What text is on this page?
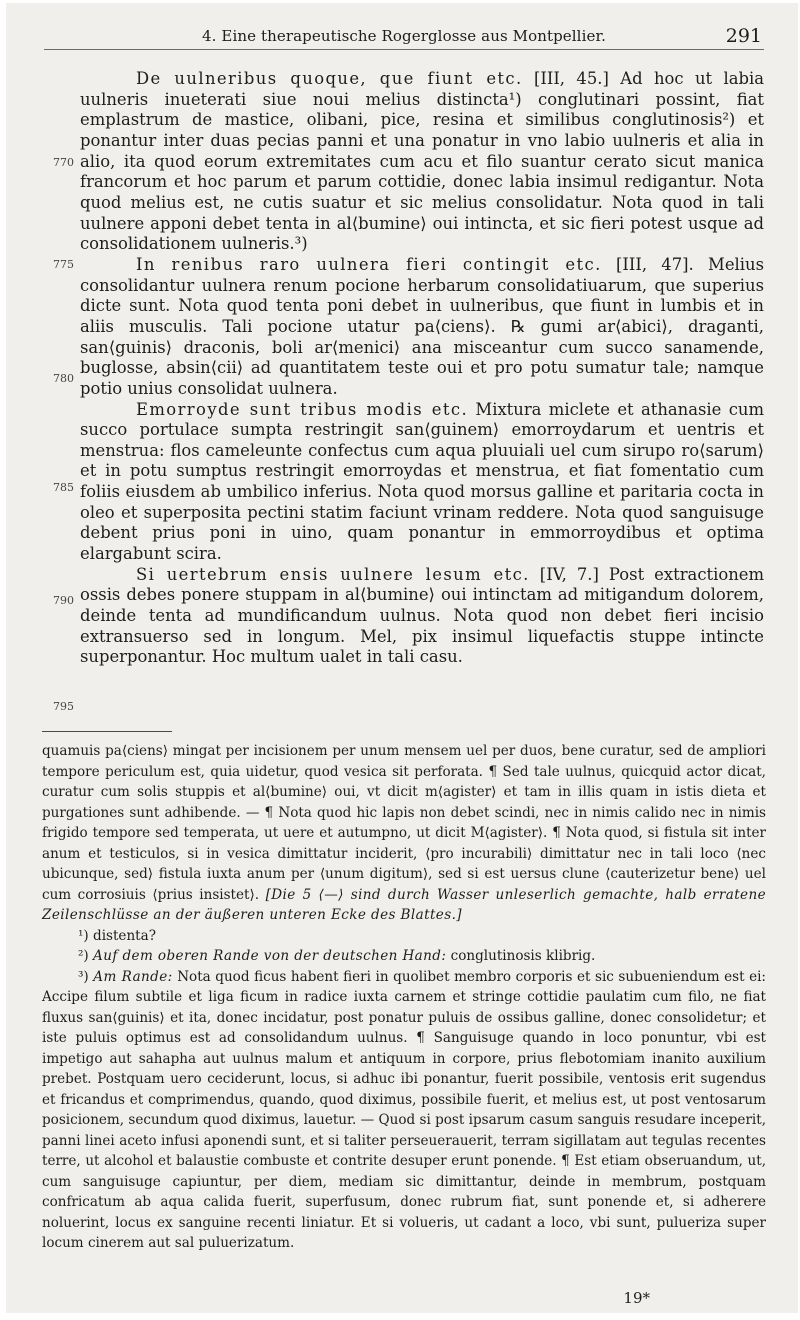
4. Eine therapeutische Rogerglosse aus Montpellier.	291

De uulneribus quoque, que fiunt etc. [III, 45.] Ad hoc ut labia uulneris inueterati siue noui melius distincta¹) conglutinari possint, fiat emplastrum de mastice, olibani, pice, resina et similibus conglutinosis²) et ponantur inter duas pecias panni et una ponatur in vno labio uulneris et alia in alio, ita quod eorum extremitates cum acu et filo suantur cerato sicut manica francorum et hoc parum et parum cottidie, donec labia insimul redigantur. Nota quod melius est, ne cutis suatur et sic melius consolidatur. Nota quod in tali uulnere apponi debet tenta in al⟨bumine⟩ oui intincta, et sic fieri potest usque ad consolidationem uulneris.³)

In renibus raro uulnera fieri contingit etc. [III, 47]. Melius consolidantur uulnera renum pocione herbarum consolidatiuarum, que superius dicte sunt. Nota quod tenta poni debet in uulneribus, que fiunt in lumbis et in aliis musculis. Tali pocione utatur pa⟨ciens⟩. ℞ gumi ar⟨abici⟩, draganti, san⟨guinis⟩ draconis, boli ar⟨menici⟩ ana misceantur cum succo sanamende, buglosse, absin⟨cii⟩ ad quantitatem teste oui et pro potu sumatur tale; namque potio unius consolidat uulnera.

Emorroyde sunt tribus modis etc. Mixtura miclete et athanasie cum succo portulace sumpta restringit san⟨guinem⟩ emorroydarum et uentris et menstrua: flos cameleunte confectus cum aqua pluuiali uel cum sirupo ro⟨sarum⟩ et in potu sumptus restringit emorroydas et menstrua, et fiat fomentatio cum foliis eiusdem ab umbilico inferius. Nota quod morsus galline et paritaria cocta in oleo et superposita pectini statim faciunt vrinam reddere. Nota quod sanguisuge debent prius poni in uino, quam ponantur in emmorroydibus et optima elargabunt scira.

Si uertebrum ensis uulnere lesum etc. [IV, 7.] Post extractionem ossis debes ponere stuppam in al⟨bumine⟩ oui intinctam ad mitigandum dolorem, deinde tenta ad mundificandum uulnus. Nota quod non debet fieri incisio extransuerso sed in longum. Mel, pix insimul liquefactis stuppe intincte superponantur. Hoc multum ualet in tali casu.

770
775
780
785
790
795

quamuis pa⟨ciens⟩ mingat per incisionem per unum mensem uel per duos, bene curatur, sed de ampliori tempore periculum est, quia uidetur, quod vesica sit perforata. ¶ Sed tale uulnus, quicquid actor dicat, curatur cum solis stuppis et al⟨bumine⟩ oui, vt dicit m⟨agister⟩ et tam in illis quam in istis dieta et purgationes sunt adhibende. — ¶ Nota quod hic lapis non debet scindi, nec in nimis calido nec in nimis frigido tempore sed temperata, ut uere et autumpno, ut dicit M⟨agister⟩. ¶ Nota quod, si fistula sit inter anum et testiculos, si in vesica dimittatur inciderit, ⟨pro incurabili⟩ dimittatur nec in tali loco ⟨nec ubicunque, sed⟩ fistula iuxta anum per ⟨unum digitum⟩, sed si est uersus clune ⟨cauterizetur bene⟩ uel cum corrosiuis ⟨prius insistet⟩. [Die 5 ⟨—⟩ sind durch Wasser unleserlich gemachte, halb erratene Zeilenschlüsse an der äußeren unteren Ecke des Blattes.]

¹) distenta?

²) Auf dem oberen Rande von der deutschen Hand: conglutinosis klibrig.

³) Am Rande: Nota quod ficus habent fieri in quolibet membro corporis et sic subueniendum est ei: Accipe filum subtile et liga ficum in radice iuxta carnem et stringe cottidie paulatim cum filo, ne fiat fluxus san⟨guinis⟩ et ita, donec incidatur, post ponatur puluis de ossibus galline, donec consolidetur; et iste puluis optimus est ad consolidandum uulnus. ¶ Sanguisuge quando in loco ponuntur, vbi est impetigo aut sahapha aut uulnus malum et antiquum in corpore, prius flebotomiam inanito auxilium prebet. Postquam uero ceciderunt, locus, si adhuc ibi ponantur, fuerit possibile, ventosis erit sugendus et fricandus et comprimendus, quando, quod diximus, possibile fuerit, et melius est, ut post ventosarum posicionem, secundum quod diximus, lauetur. — Quod si post ipsarum casum sanguis resudare inceperit, panni linei aceto infusi aponendi sunt, et si taliter perseuerauerit, terram sigillatam aut tegulas recentes terre, ut alcohol et balaustie combuste et contrite desuper erunt ponende. ¶ Est etiam obseruandum, ut, cum sanguisuge capiuntur, per diem, mediam sic dimittantur, deinde in membrum, postquam confricatum ab aqua calida fuerit, superfusum, donec rubrum fiat, sunt ponende et, si adherere noluerint, locus ex sanguine recenti liniatur. Et si volueris, ut cadant a loco, vbi sunt, pulueriza super locum cinerem aut sal puluerizatum.

19*
